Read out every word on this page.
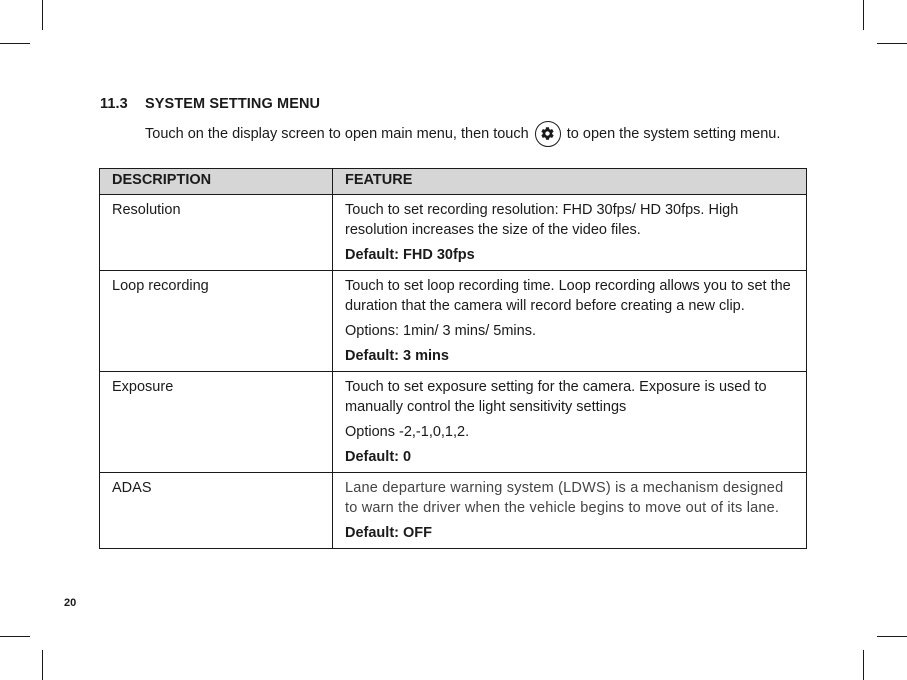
11.3 SYSTEM SETTING MENU
Touch on the display screen to open main menu, then touch	to open the system setting menu.
DESCRIPTION	FEATURE
Resolution	Touch to set recording resolution: FHD 30fps/ HD 30fps. High resolution increases the size of the video files.

Default: FHD 30fps

Loop recording	Touch to set loop recording time. Loop recording allows you to set the duration that the camera will record before creating a new clip.

Options: 1min/ 3 mins/ 5mins.

Default: 3 mins

Exposure	Touch to set exposure setting for the camera. Exposure is used to manually control the light sensitivity settings

Options -2,-1,0,1,2.

Default: 0

ADAS	Lane departure warning system (LDWS) is a mechanism designed to warn the driver when the vehicle begins to move out of its lane.

Default: OFF

20
